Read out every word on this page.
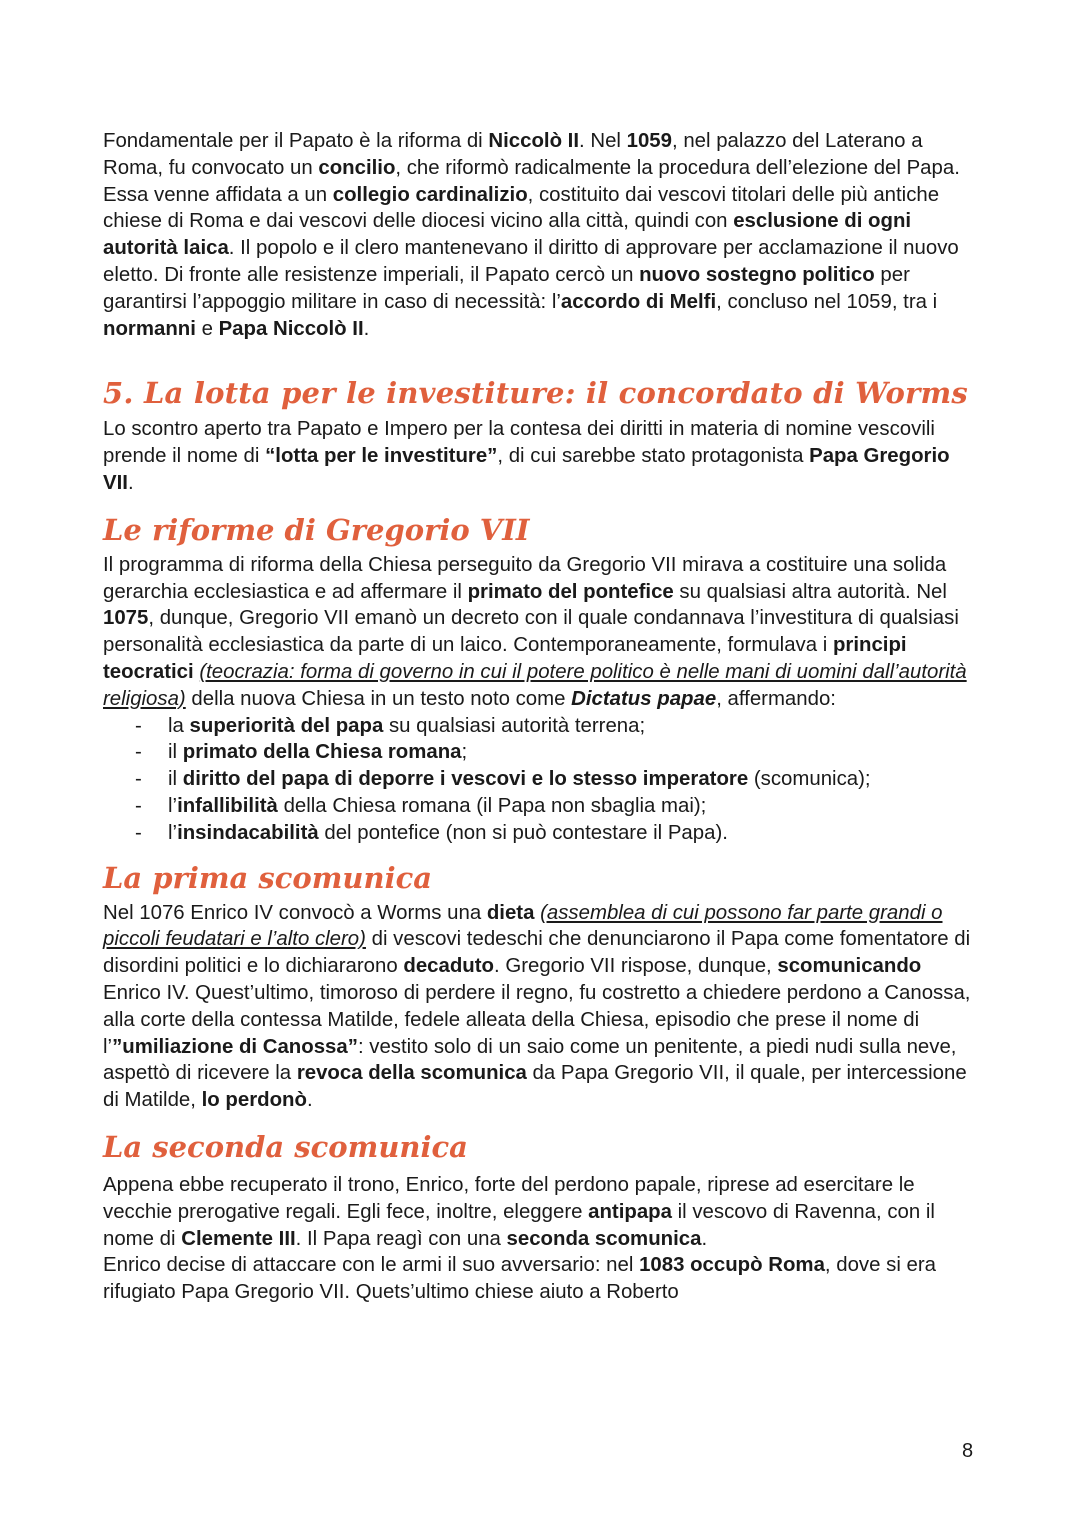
Fondamentale per il Papato è la riforma di Niccolò II. Nel 1059, nel palazzo del Laterano a Roma, fu convocato un concilio, che riformò radicalmente la procedura dell’elezione del Papa. Essa venne affidata a un collegio cardinalizio, costituito dai vescovi titolari delle più antiche chiese di Roma e dai vescovi delle diocesi vicino alla città, quindi con esclusione di ogni autorità laica. Il popolo e il clero mantenevano il diritto di approvare per acclamazione il nuovo eletto. Di fronte alle resistenze imperiali, il Papato cercò un nuovo sostegno politico per garantirsi l’appoggio militare in caso di necessità: l’accordo di Melfi, concluso nel 1059, tra i normanni e Papa Niccolò II.

5. La lotta per le investiture: il concordato di Worms

Lo scontro aperto tra Papato e Impero per la contesa dei diritti in materia di nomine vescovili prende il nome di “lotta per le investiture”, di cui sarebbe stato protagonista Papa Gregorio VII.

Le riforme di Gregorio VII

Il programma di riforma della Chiesa perseguito da Gregorio VII mirava a costituire una solida gerarchia ecclesiastica e ad affermare il primato del pontefice su qualsiasi altra autorità. Nel 1075, dunque, Gregorio VII emanò un decreto con il quale condannava l’investitura di qualsiasi personalità ecclesiastica da parte di un laico. Contemporaneamente, formulava i principi teocratici (teocrazia: forma di governo in cui il potere politico è nelle mani di uomini dall’autorità religiosa) della nuova Chiesa in un testo noto come Dictatus papae, affermando:

- la superiorità del papa su qualsiasi autorità terrena;
- il primato della Chiesa romana;
- il diritto del papa di deporre i vescovi e lo stesso imperatore (scomunica);
- l’infallibilità della Chiesa romana (il Papa non sbaglia mai);
- l’insindacabilità del pontefice (non si può contestare il Papa).
La prima scomunica

Nel 1076 Enrico IV convocò a Worms una dieta (assemblea di cui possono far parte grandi o piccoli feudatari e l’alto clero) di vescovi tedeschi che denunciarono il Papa come fomentatore di disordini politici e lo dichiararono decaduto. Gregorio VII rispose, dunque, scomunicando Enrico IV. Quest’ultimo, timoroso di perdere il regno, fu costretto a chiedere perdono a Canossa, alla corte della contessa Matilde, fedele alleata della Chiesa, episodio che prese il nome di l’”umiliazione di Canossa”: vestito solo di un saio come un penitente, a piedi nudi sulla neve, aspettò di ricevere la revoca della scomunica da Papa Gregorio VII, il quale, per intercessione di Matilde, lo perdonò.

La seconda scomunica

Appena ebbe recuperato il trono, Enrico, forte del perdono papale, riprese ad esercitare le vecchie prerogative regali. Egli fece, inoltre, eleggere antipapa il vescovo di Ravenna, con il nome di Clemente III. Il Papa reagì con una seconda scomunica.

Enrico decise di attaccare con le armi il suo avversario: nel 1083 occupò Roma, dove si era rifugiato Papa Gregorio VII. Quets’ultimo chiese aiuto a Roberto

8
